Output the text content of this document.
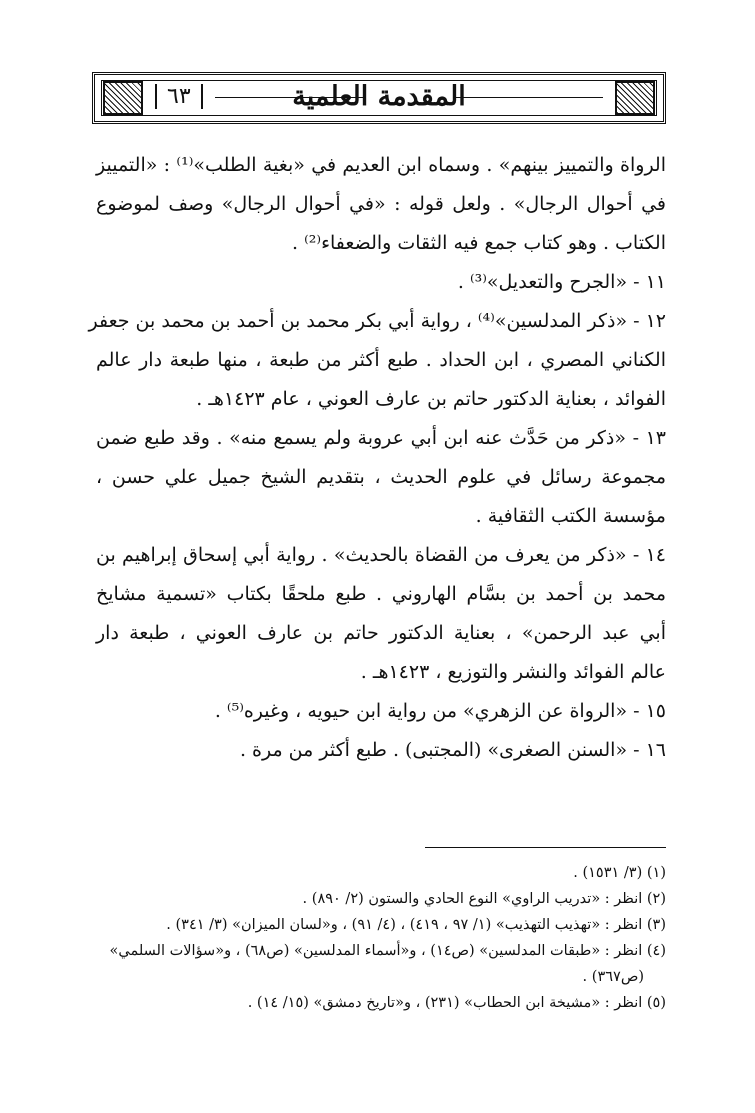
٦٣	المقدمة العلمية
الرواة والتمييز بينهم» . وسماه ابن العديم في «بغية الطلب»⁽¹⁾ : «التمييز
في أحوال الرجال» . ولعل قوله : «في أحوال الرجال» وصف لموضوع
الكتاب . وهو كتاب جمع فيه الثقات والضعفاء⁽²⁾ .
١١ - «الجرح والتعديل»⁽³⁾ .
١٢ - «ذكر المدلسين»⁽⁴⁾ ، رواية أبي بكر محمد بن أحمد بن محمد بن جعفر
الكناني المصري ، ابن الحداد . طبع أكثر من طبعة ، منها طبعة دار عالم
الفوائد ، بعناية الدكتور حاتم بن عارف العوني ، عام ١٤٢٣هـ .
١٣ - «ذكر من حَدَّث عنه ابن أبي عروبة ولم يسمع منه» . وقد طبع ضمن
مجموعة رسائل في علوم الحديث ، بتقديم الشيخ جميل علي حسن ،
مؤسسة الكتب الثقافية .
١٤ - «ذكر من يعرف من القضاة بالحديث» . رواية أبي إسحاق إبراهيم بن
محمد بن أحمد بن بسَّام الهاروني . طبع ملحقًا بكتاب «تسمية مشايخ
أبي عبد الرحمن» ، بعناية الدكتور حاتم بن عارف العوني ، طبعة دار
عالم الفوائد والنشر والتوزيع ، ١٤٢٣هـ .
١٥ - «الرواة عن الزهري» من رواية ابن حيويه ، وغيره⁽⁵⁾ .
١٦ - «السنن الصغرى» (المجتبى) . طبع أكثر من مرة .
(١) (٣/ ١٥٣١) .
(٢) انظر : «تدريب الراوي» النوع الحادي والستون (٢/ ٨٩٠) .
(٣) انظر : «تهذيب التهذيب» (١/ ٩٧ ، ٤١٩) ، (٤/ ٩١) ، و«لسان الميزان» (٣/ ٣٤١) .
(٤) انظر : «طبقات المدلسين» (ص١٤) ، و«أسماء المدلسين» (ص٦٨) ، و«سؤالات السلمي»
(ص٣٦٧) .
(٥) انظر : «مشيخة ابن الحطاب» (٢٣١) ، و«تاريخ دمشق» (١٥/ ١٤) .
